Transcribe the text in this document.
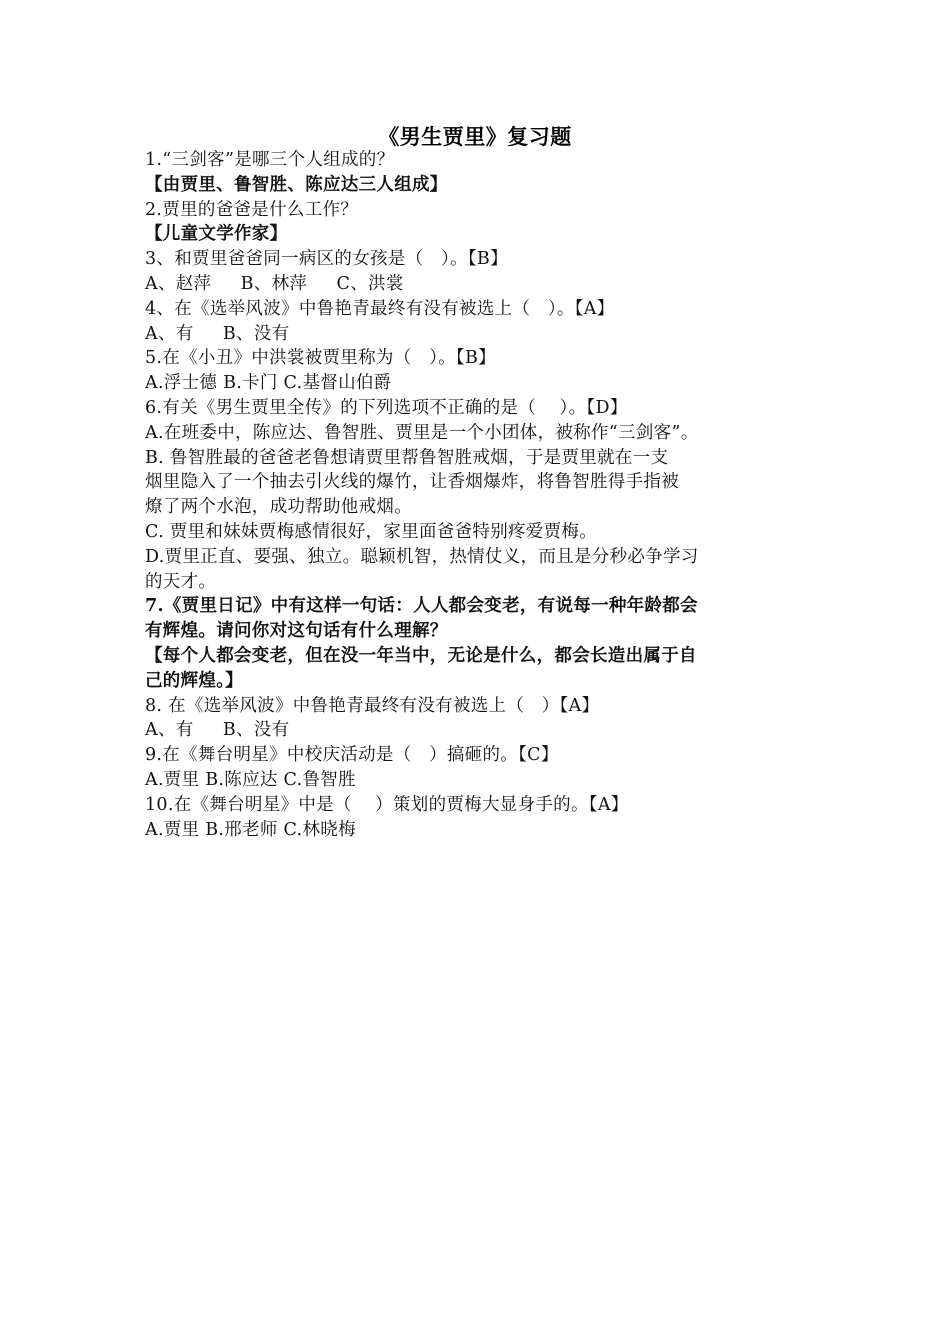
《男生贾里》复习题
1.“三剑客”是哪三个人组成的？
【由贾里、鲁智胜、陈应达三人组成】
2.贾里的爸爸是什么工作？
【儿童文学作家】
3、和贾里爸爸同一病区的女孩是（   ）。【B】
A、赵萍     B、林萍     C、洪裳
4、在《选举风波》中鲁艳青最终有没有被选上（   ）。【A】
A、有     B、没有
5.在《小丑》中洪裳被贾里称为（   ）。【B】
A.浮士德 B.卡门 C.基督山伯爵
6.有关《男生贾里全传》的下列选项不正确的是（    ）。【D】
A.在班委中，陈应达、鲁智胜、贾里是一个小团体，被称作“三剑客”。
B. 鲁智胜最的爸爸老鲁想请贾里帮鲁智胜戒烟，于是贾里就在一支
烟里隐入了一个抽去引火线的爆竹，让香烟爆炸，将鲁智胜得手指被
燎了两个水泡，成功帮助他戒烟。
C. 贾里和妹妹贾梅感情很好，家里面爸爸特别疼爱贾梅。
D.贾里正直、要强、独立。聪颖机智，热情仗义，而且是分秒必争学习
的天才。
7.《贾里日记》中有这样一句话：人人都会变老，有说每一种年龄都会
有辉煌。请问你对这句话有什么理解？
【每个人都会变老，但在没一年当中，无论是什么，都会长造出属于自
己的辉煌。】
8. 在《选举风波》中鲁艳青最终有没有被选上（   ）【A】
A、有     B、没有
9.在《舞台明星》中校庆活动是（   ）搞砸的。【C】
A.贾里 B.陈应达 C.鲁智胜
10.在《舞台明星》中是（    ）策划的贾梅大显身手的。【A】
A.贾里 B.邢老师 C.林晓梅
